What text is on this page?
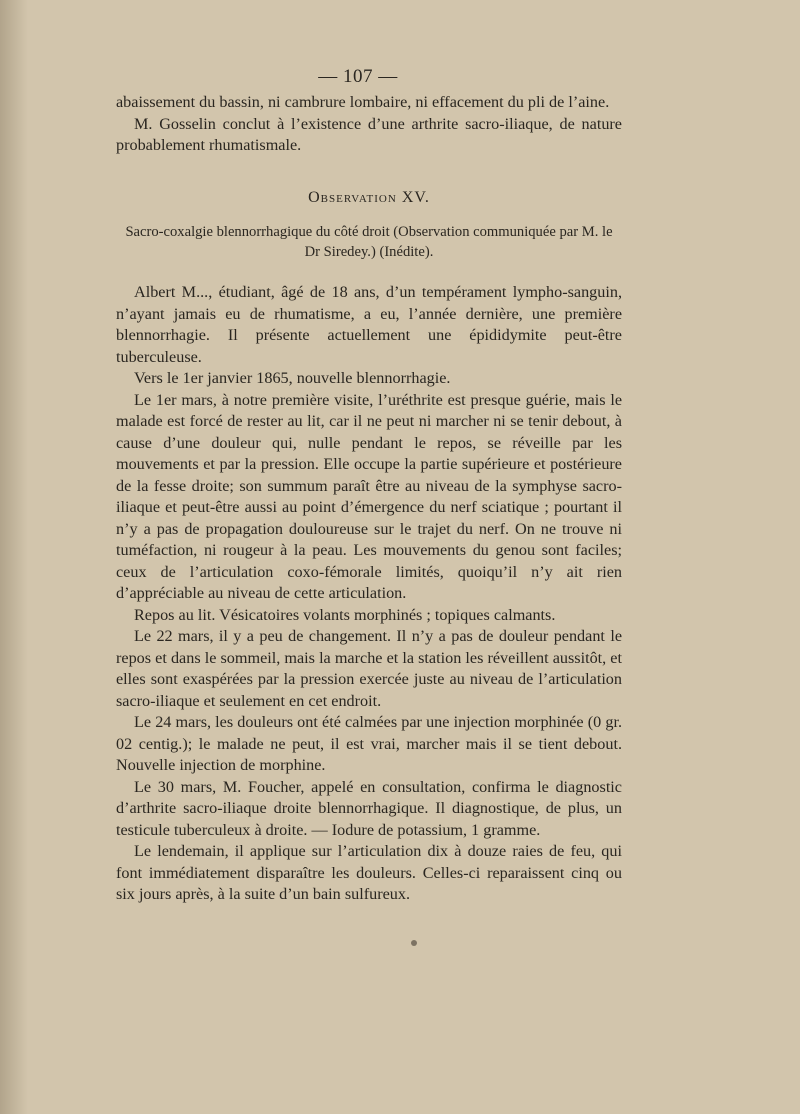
— 107 —

abaissement du bassin, ni cambrure lombaire, ni effacement du pli de l’aine.

M. Gosselin conclut à l’existence d’une arthrite sacro-iliaque, de nature probablement rhumatismale.

Observation XV.

Sacro-coxalgie blennorrhagique du côté droit (Observation communiquée par M. le Dr Siredey.) (Inédite).

Albert M..., étudiant, âgé de 18 ans, d’un tempérament lympho-sanguin, n’ayant jamais eu de rhumatisme, a eu, l’année dernière, une première blennorrhagie. Il présente actuellement une épididymite peut-être tuberculeuse.

Vers le 1er janvier 1865, nouvelle blennorrhagie.

Le 1er mars, à notre première visite, l’uréthrite est presque guérie, mais le malade est forcé de rester au lit, car il ne peut ni marcher ni se tenir debout, à cause d’une douleur qui, nulle pendant le repos, se réveille par les mouvements et par la pression. Elle occupe la partie supérieure et postérieure de la fesse droite; son summum paraît être au niveau de la symphyse sacro-iliaque et peut-être aussi au point d’émergence du nerf sciatique ; pourtant il n’y a pas de propagation douloureuse sur le trajet du nerf. On ne trouve ni tuméfaction, ni rougeur à la peau. Les mouvements du genou sont faciles; ceux de l’articulation coxo-fémorale limités, quoiqu’il n’y ait rien d’appréciable au niveau de cette articulation.

Repos au lit. Vésicatoires volants morphinés ; topiques calmants.

Le 22 mars, il y a peu de changement. Il n’y a pas de douleur pendant le repos et dans le sommeil, mais la marche et la station les réveillent aussitôt, et elles sont exaspérées par la pression exercée juste au niveau de l’articulation sacro-iliaque et seulement en cet endroit.

Le 24 mars, les douleurs ont été calmées par une injection morphinée (0 gr. 02 centig.); le malade ne peut, il est vrai, marcher mais il se tient debout. Nouvelle injection de morphine.

Le 30 mars, M. Foucher, appelé en consultation, confirma le diagnostic d’arthrite sacro-iliaque droite blennorrhagique. Il diagnostique, de plus, un testicule tuberculeux à droite. — Iodure de potassium, 1 gramme.

Le lendemain, il applique sur l’articulation dix à douze raies de feu, qui font immédiatement disparaître les douleurs. Celles-ci reparaissent cinq ou six jours après, à la suite d’un bain sulfureux.
